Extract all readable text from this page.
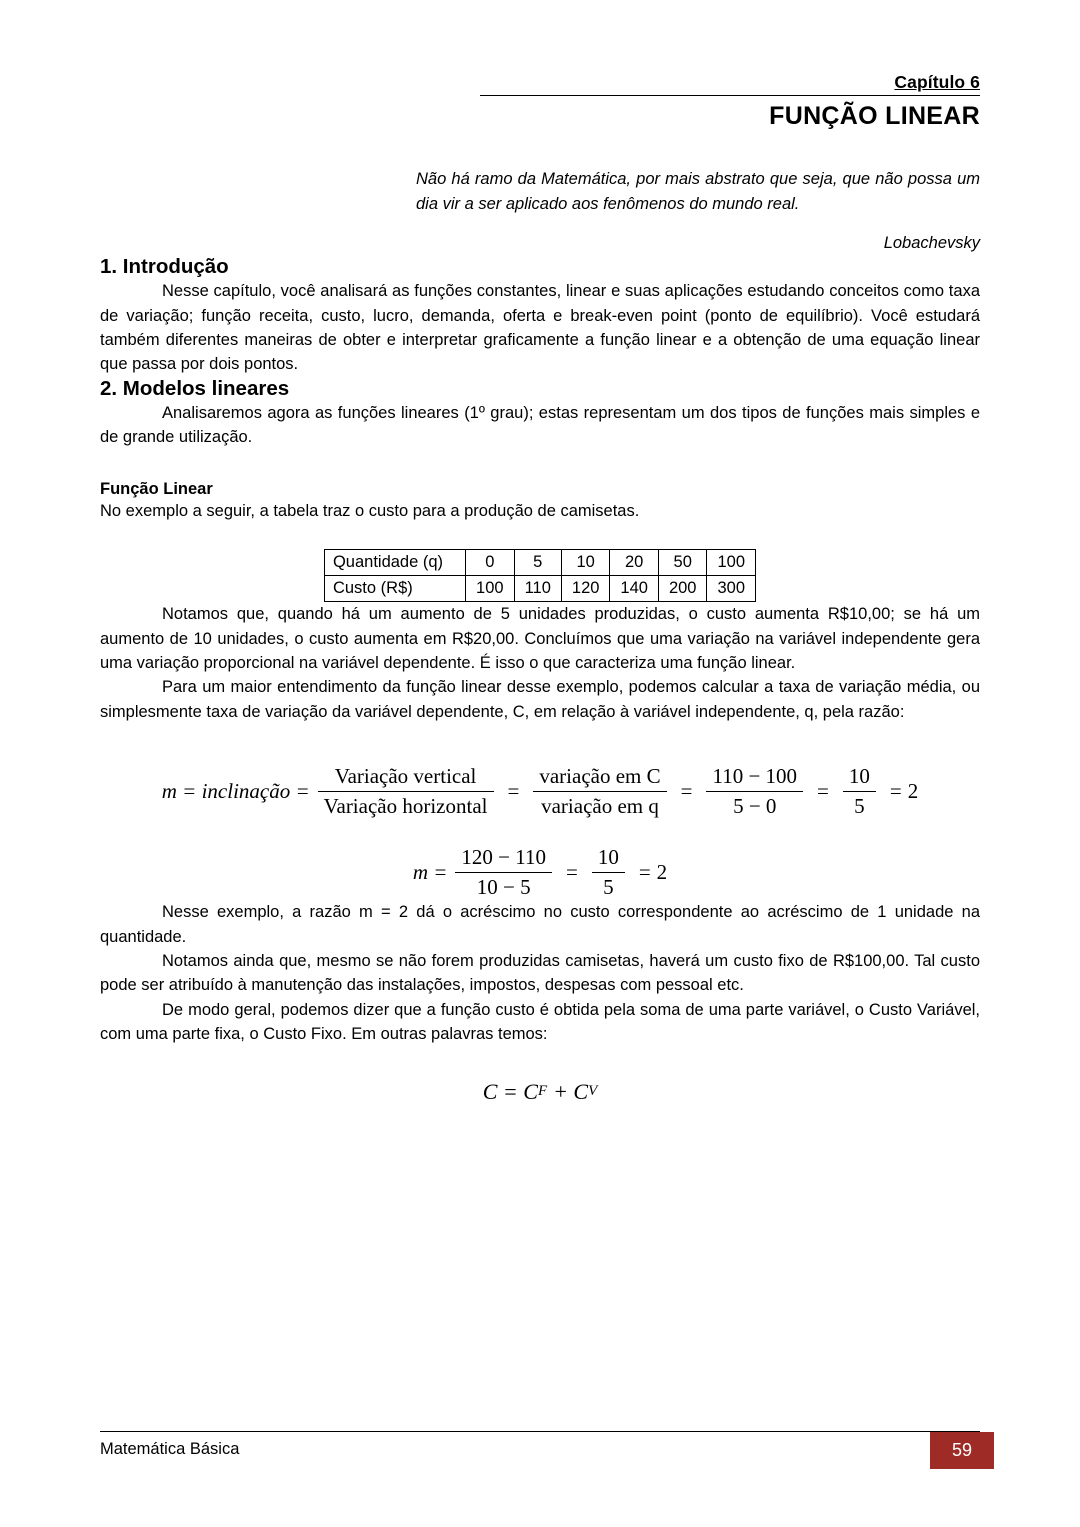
Capítulo 6
FUNÇÃO LINEAR
Não há ramo da Matemática, por mais abstrato que seja, que não possa um dia vir a ser aplicado aos fenômenos do mundo real.
Lobachevsky
1. Introdução

Nesse capítulo, você analisará as funções constantes, linear e suas aplicações estudando conceitos como taxa de variação; função receita, custo, lucro, demanda, oferta e break-even point (ponto de equilíbrio). Você estudará também diferentes maneiras de obter e interpretar graficamente a função linear e a obtenção de uma equação linear que passa por dois pontos.

2. Modelos lineares

Analisaremos agora as funções lineares (1º grau); estas representam um dos tipos de funções mais simples e de grande utilização.

Função Linear

No exemplo a seguir, a tabela traz o custo para a produção de camisetas.

Quantidade (q)	0	5	10	20	50	100
Custo (R$)	100	110	120	140	200	300

Notamos que, quando há um aumento de 5 unidades produzidas, o custo aumenta R$10,00; se há um aumento de 10 unidades, o custo aumenta em R$20,00. Concluímos que uma variação na variável independente gera uma variação proporcional na variável dependente. É isso o que caracteriza uma função linear.

Para um maior entendimento da função linear desse exemplo, podemos calcular a taxa de variação média, ou simplesmente taxa de variação da variável dependente, C, em relação à variável independente, q, pela razão:

m = inclinação = $\frac{\text{Variação vertical}}{\text{Variação horizontal}} = \frac{\text{variação em C}}{\text{variação em q}} = \frac{110 - 100}{5 - 0} = \frac{10}{5} = 2$
$m = \frac{120 - 110}{10 - 5} = \frac{10}{5} = 2$

Nesse exemplo, a razão m = 2 dá o acréscimo no custo correspondente ao acréscimo de 1 unidade na quantidade.

Notamos ainda que, mesmo se não forem produzidas camisetas, haverá um custo fixo de R$100,00. Tal custo pode ser atribuído à manutenção das instalações, impostos, despesas com pessoal etc.

De modo geral, podemos dizer que a função custo é obtida pela soma de uma parte variável, o Custo Variável, com uma parte fixa, o Custo Fixo. Em outras palavras temos:

C = C F + C V
Matemática Básica	59
